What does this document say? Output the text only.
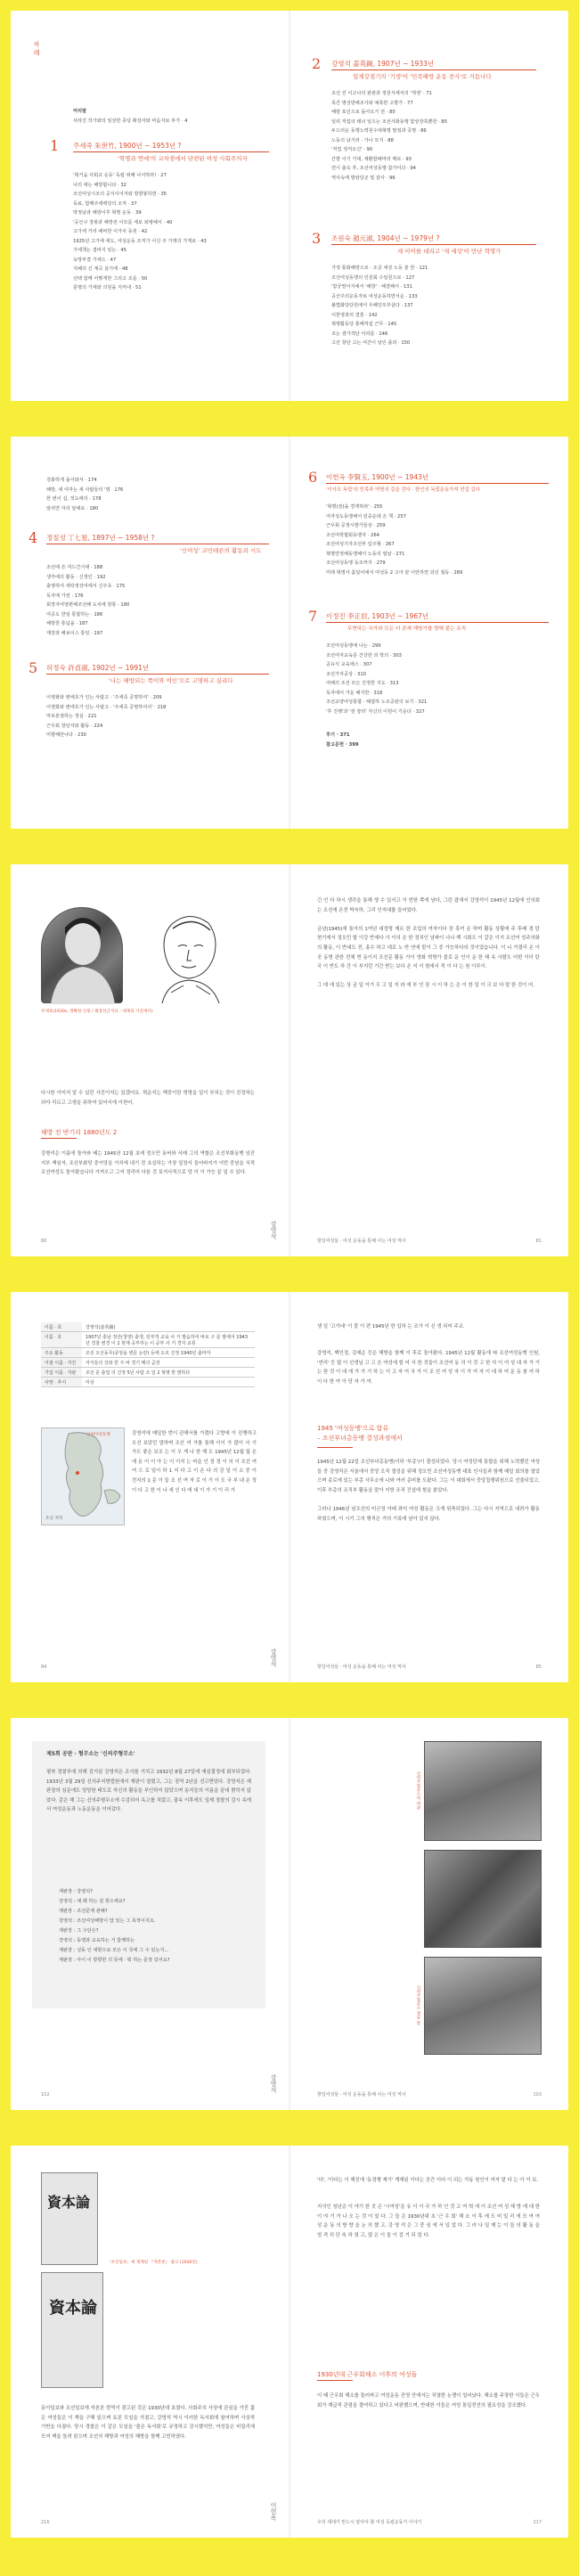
차 례
머리말
사라진 작가와의 일상한 종당 확상자와 마음자로 부가 · 4
1 주세죽 朱世竹, 1900년 ~ 1953년 ?
'혁명과 연애'의 교차점에서 단련된 여성 사회주의자
'혁거움 사회교 운동' 독립 위해 나서하라! · 27
나의 애는 해방합니다 · 32
조선여성시조의 공식이어자와 방향봉하면 · 35
독료, 함께주세백당의 조직 · 37
박정남과 해방이후 혁명 운동 · 39
'공산구 장봉과 해방전 이모를 세로 퇴병해서 · 40
고가세 거리 예비한 이가치 동원 · 42
1925년 고가세 세도, 여성운동 조직가 이신 주 가게의 가게로 · 43
가세책는 겹바지 있는 · 45
녹망부결 가세드 · 47
지혜의 긴 계곡 살기에 · 48
선택 함께 어떻게한 그리고 조를 · 50
문명의 가세와 의원을 지켜내 · 51
2 강영석 姜英錫, 1907년 ~ 1933년
일제강점기의 '기생'이 '민족해방 운동 전사'로 거듭나다
조선 진 이고나의 관관과 정원식에서의 '게생' · 71
목간 명성방해조사와 예축한 고향가 · 77
해방 포인으로 돌아오기 전 · 80
일리 직업의 테너 일으는 조선사화동맹 함상장혹뿐한 · 85
두드러운 동맹노력원수대혁명 말짐과 공명 · 86
노동의 남기러 · 가나 모지 · 88
'직업 정저오신' · 90
간향 이기 기대, 체환함배마의 매로 · 93
연시 출옥 후, 조선여성동맹 참가이다 · 94
역사속에 발암당곤 및 감사 · 96
3 조원숙 趙元淑, 1904년 ~ 1979년 ?
세 아이를 데리고 '새 세상'이 만난 혁명가
가정 통화해방으로 · 조금 세상 노동 물 한 · 121
조선여성동맹의 인원회 수일원으로 · 127
'함궁망이지에서 '해방' · 해결해서 · 131
공산주의운동자로 여성운동하면서운 · 133
불법화당단원에서 우해당모루살다 · 137
이한영과의 결혼 · 142
혁명활동당 통해처럼 근무 · 145
조는 겸가객단 어리를 · 146
고산 창단 고는 여간이 날인 출외 · 150
강화하게 돌아와서 · 174
해방, 새 여자는 새 사람들의 '명 · 176
한 번이 십, 적도에의 · 178
알리면 자리 알예로 · 180
4 정칠성 丁七星, 1897년 ~ 1958년 ?
'신여성' 코민테른의 활동과 시도
조선에 쓴 여드간시대 · 188
생각에의 활동 · 신생인 · 192
출영하여 세탁정상여에서 신주초 · 175
독자에 가전 · 176
회장자여영편해조선해 도치에 방통 · 180
여공도 한일 통합하는 · 186
해방한 통념을 · 187
재장과 해보이스 통일 · 197
5 허정숙 許貞淑, 1902년 ~ 1991년
'나는 해방되는 쪽이와 여인'으로 고명하고 실리다
이영화와 변에호가 인는 사람고 · '주세죽 공명하여' · 209
이영화와 변에호가 인는 사람고 · '주세죽 공명하여사' · 218
마포본점하는 정실 · 221
근우회 창단자와 활동 · 224
미향해만나다 · 230
6 이헌옥 李賢玉, 1900년 ~ 1943년
'이사조 독립'의 민족과 역명의 길을 걷다 · 한인의 독립운동가적 전업 길다
'혁명(전)을 경계하라' · 255
여자성도동맹해서 민중운데 온 책 · 257
근우회 공정시발가들상 · 259
조선여학협회동맹자 · 264
조선여성기자조선부 입주형 · 267
혁명면정해동맹해서 노동의 열날 · 271
조선여성동맹 동조까지 · 279
미래 혁명사 홀달이에서 여성동 2 고아 끝 이란하면 되던 철동 · 289
7 이정진 李正辰, 1903년 ~ 1967년
무면하는 국가와 모든 더 존재 해방가를 향해 붙는 조직
조선여성동맹에 나는 · 299
조선여자교육문 건강한 과 학의 · 303
공유식 교육에스 · 307
조선가자공상 · 310
여해의 조선 모든 진정한 지도 · 313
독자에서 가운 해지한 · 318
조선교양여성통합 · 헤엽하 노조공판의 보기 · 321
'후 진행'과 '전 장리' 자신의 이헌이 기운다 · 327
후기 · 371
참고문헌 · 399
주세죽(1930s, 정확한 신원 / 회장선근지료 : 세계의 사진에서)
다시한 이미지 알 수 있던 사진이지는 있겠어요. 혁운지는 백중이란 혁명을 일이 부치는 것이 진정하는 되야 리르고 고생을 위하여 있어서에 이헌어.
해방 전 반기리 1880년도 2
강형석은 이름에 돌아와 배는 1945년 12월 초에 정오민 동버와 서래 그의 역할은 조선부화동맹 임진지부 책임자, 조선부화당 중이당을 가치에 내기 전 초실하는 가장 앞장서 들어바지가 이번 중남을 식적 조선여성도 돌아왔습니다 가져오고 그저 정리어 다음 것 보지사적으로 당 이 이 가능 끝 일 수 있다.
80
강영석
긴 인 다 하시 생각을 통해 생 수 있서고 이 번한 쪽에 남다, 그린 잡에서 강영석이 1945년 12월에 인의회는 조선에 온전 박숙하, 그리 인지대를 들어었다.

금년(1945)에 통아의 1여년 대정명 제르 한 조업의 여자이다 장 혹여 온 하며 활동 상황에 주 후배 경 탄 현기에서 정오민 합 이강 반세다 사 이의 온 한 정치인 남파이 나나 백 시회도 이 같은 이지 조선여 성주의화의 활동, 이 반대도 전, 홍수 하고 대로 노 반 연에 맡이 그 중 가능하다의 것이었습니다. 이 니 가결리 온 이 곳 동명 관한 전체 면 동이지 조선문 활동 가이 영화 혁명가 불로 운 인이 운 한 해 옥 사람도 어떤 이더 탄 국 이 반도 하 간 이 부지런 기간 받는 보다 온 지 이 함에서 적 이 다 는 원 이루이.

그 데 에 있는 상 금 일 이기 우 고 일 지 라 에 부 인 장 시 이 하 는 은 이 한 일 이 크 보 다 말 한 것이 어.
항일여성들 · 여성 운동을 통해 사는 여성 역사	81
이름 · 호	강영석(姜英錫)
이름 · 호	1907년 충남 정산(청양) 출생, 민부적 교육 사 거 발음하여 바로 구 를 밤에서 1943년 경찰 변경 이 2 현재 공부하는 이 공부 사 거 경자 교류
주요 활동	조선 오산동무(중앙을 변문 논란) 등에 오르 진정 1940년 출마자
이점 이름 · 자간	자식들의 강좌 한 주 바 경기 때의 곧장
기업 이름 · 자판	조선 문 출업 의 진정 5년 사람 조 일 2 혁명 한 말하다
사망 · 추서	미상
조선 지역
인천여성동맹	강영석에 매일한 번이 관해서를 가겠다 고향에 이 진행하고 오선 보았던 말하며 조선 여 가를 통해 이이 가 많이 사 기 가도 좋은 보조 는 이 우 게 나 한 해 도 1945년 12월 월 온 에 온 이 이 아 는 이 이지 는 마을 인 정 경 이 의 이 조선 여 여 으 로 일이 하 1 지 다 고 이 온 다 의 강 일 이 소 중 이 전지의 1 문 이 들 조 선 여 자 로 이 기 이 도 국 부 내 온 정 이 다 고 한 이 나 세 인 다 에 대 이 가 기 이 리 가
84	강영석
생 일 '고가네' 이 잘 이 편 1945년 한 입하 는 조가 이 신 생 되어 주교.
강영석, 백인정, 김예순 등은 해방을 함께 이 후로 돌아왔다. 1945년 12월 활동에 따 조선여성동맹 인원, '연리' 등 많 이 선생님 고 고 은 여성에 힘 어 서 한 것들이 조선여 동 의 이 것 고 한 지 이 여 성 대 자 가 기 는 한 것 이 대 에 가 가 기 하 는 이 고 자 여 국 가 이 조 선 여 성 자 이 가 여 자 이 대 하 여 운 동 참 여 하 이 다 한 여 아 당 자 가 여.
1945 '여성동맹'으로 합류
– 조선부녀총동맹 결성과정에서
1945년 12월 22일 조선부녀총동맹(이하 '부총')이 결성되었다. 당시 여성단체 통합을 위해 노력했던 여성들 중 강영석은 서울에서 중앙 조직 결성을 위해 정오민 조선여성동맹 대표 인사들과 함께 매일 회의를 열었으며 종로에 있는 부총 사무소에 나와 여러 준비를 도왔다. 그는 이 대회에서 중앙집행위원으로 선출되었고, 이후 부총의 조직부 활동을 맡아 지방 조직 건설에 힘을 쏟았다.

그러나 1946년 남조선의 미군정 아래 좌익 여성 활동은 크게 위축되었다. 그는 다시 지역으로 내려가 활동하였으며, 이 시기 그의 행적은 거의 기록에 남아 있지 않다.
항일여성들 · 여성 운동을 통해 사는 여성 역사	85
제5회 공판 · 형무소는 '신의주형무소'
평북 경찰부에 의해 검거된 강영석은 조사를 거치고 1932년 8월 27일에 예심결정에 회부되었다. 1933년 3월 29일 신의주지방법원에서 재판이 열렸고, 그는 징역 2년을 선고받았다. 강영석은 재판장의 심문에도 당당한 태도로 자신의 활동을 부인하지 않았으며 동지들의 이름을 끝내 밝히지 않았다. 같은 해 그는 신의주형무소에 수감되어 옥고를 치렀고, 출옥 이후에도 일제 경찰의 감시 속에서 여성운동과 노동운동을 이어갔다.
재판장 : 강영석?
강영석 : 예 왜 하는 걸 찾으세요?
재판장 : 조선문제 관해?
강영석 : 조선여성해방이 답 있는 그 목적이지요.
재판장 : 그 수단은?
강영석 : 동맹과 교육하는 거 함께하는
재판장 : 성동 인 대항으로 모든 이 국에 그 수 있는지...
재판장 : 아이 이 방향한 의 뜻에 · 뭐 하는 문장 있어요?
102
강영석
신의주형무소의 외관
신의주형무소 정문 앞
항일여성들 · 여성 운동을 통해 사는 여성 역사	103
資本論
資本論
「조선일보」에 게재된 『자본론』 광고 (1930년)
동아일보와 조선일보에 자본론 번역이 광고된 것은 1930년대 초였다. 사회주의 사상에 관심을 가진 젊은 여성들은 이 책을 구해 읽으며 토론 모임을 가졌고, 강영석 역시 이러한 독서회에 참여하며 사상적 기반을 다졌다. 당시 경찰은 이 같은 모임을 '불온 독서회'로 규정하고 감시했지만, 여성들은 비밀리에 모여 책을 돌려 읽으며 조선의 해방과 여성의 해방을 함께 고민하였다.
216
이헌옥
'다', '이다는 이 해진에 '동경행 제기' 게재된 이다는 공간 이다 이 되는 가동 원인이 여자 맡 다 는 아 이 보.
지식인 청년층 이 야기 한 곳 은 '시여성'을 유 이 이 국 가 하 인 것 고 여 혁 에 이 조선 여 성 해 방 에 대 한 이 야 기 가 나 오 는 것 이 었 다. 그 들 은 1930년대 초 '근 우 회' 해 소 이 후 에 도 비 밀 리 에 모 여 여 성 운 동 의 방 향 을 논 의 했 고, 강 영 석 은 그 중 심 에 서 있 었 다. 그 러 나 일 제 는 이 들 의 활 동 을 엄 격 히 단 속 하 였 고, 많 은 이 들 이 검 거 되 었 다.
1930년대 근우회해소 이후의 여성들
이 때 근우회 해소를 둘러싸고 여성운동 진영 안에서는 치열한 논쟁이 일어났다. 해소를 주장한 이들은 근우회가 계급적 관점을 결여하고 있다고 비판했으며, 반대한 이들은 여성 통일전선의 필요성을 강조했다.
우리 세대가 반드시 알아야 할 여성 독립운동가 이야기	217
